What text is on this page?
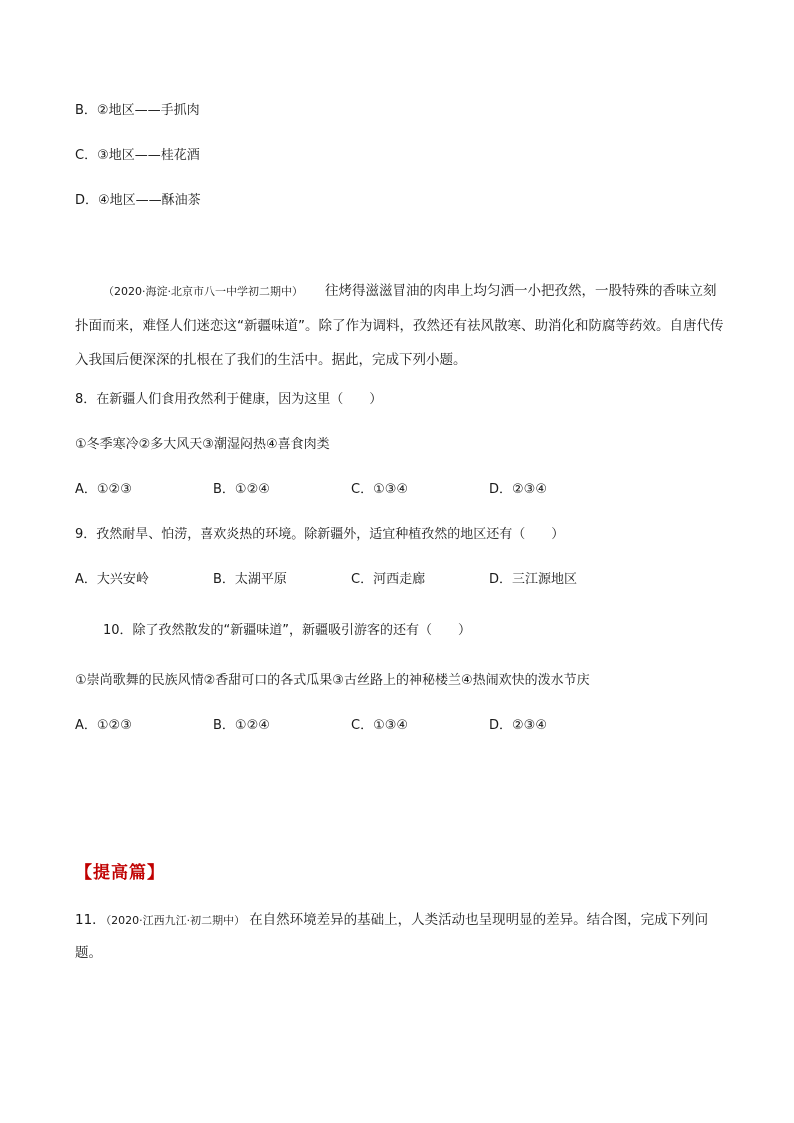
B．②地区——手抓肉
C．③地区——桂花酒
D．④地区——酥油茶
（2020·海淀·北京市八一中学初二期中） 往烤得滋滋冒油的肉串上均匀洒一小把孜然，一股特殊的香味立刻扑面而来，难怪人们迷恋这“新疆味道”。除了作为调料，孜然还有祛风散寒、助消化和防腐等药效。自唐代传入我国后便深深的扎根在了我们的生活中。据此，完成下列小题。
8．在新疆人们食用孜然利于健康，因为这里（　　）
①冬季寒冷②多大风天③潮湿闷热④喜食肉类
A．①②③	B．①②④	C．①③④	D．②③④
9．孜然耐旱、怕涝，喜欢炎热的环境。除新疆外，适宜种植孜然的地区还有（　　）
A．大兴安岭	B．太湖平原	C．河西走廊	D．三江源地区
10．除了孜然散发的“新疆味道”，新疆吸引游客的还有（　　）
①崇尚歌舞的民族风情②香甜可口的各式瓜果③古丝路上的神秘楼兰④热闹欢快的泼水节庆
A．①②③	B．①②④	C．①③④	D．②③④
【提高篇】
11．（2020·江西九江·初二期中） 在自然环境差异的基础上，人类活动也呈现明显的差异。结合图，完成下列问题。
